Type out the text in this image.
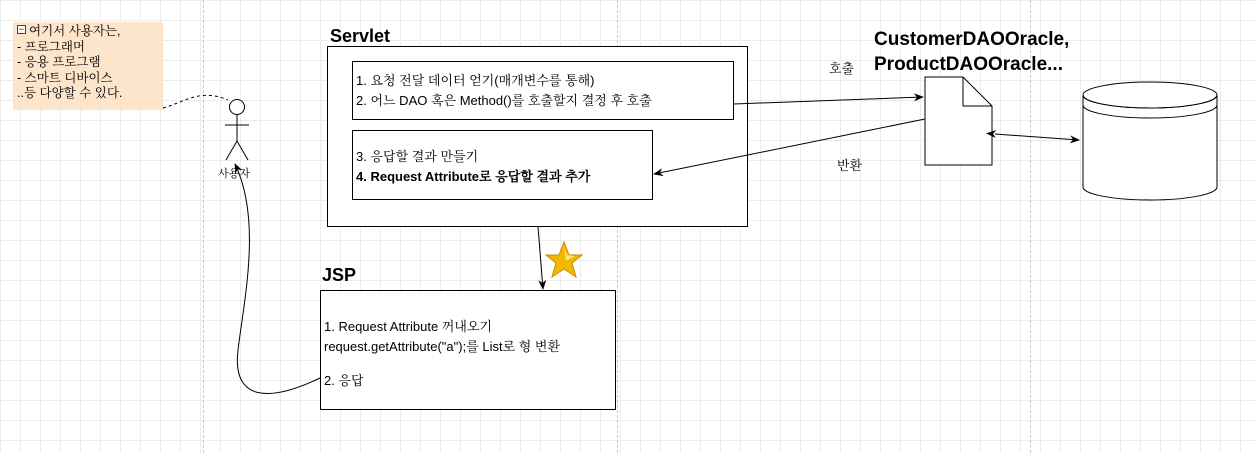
− 여기서 사용자는,
- 프로그래머
- 응용 프로그램
- 스마트 디바이스
..등 다양할 수 있다.
Servlet
1. 요청 전달 데이터 얻기(매개변수를 통해)
2. 어느 DAO 혹은 Method()를 호출할지 결정 후 호출
3. 응답할 결과 만들기
4. Request Attribute로 응답할 결과 추가
CustomerDAOOracle,
ProductDAOOracle...
JSP
1. Request Attribute 꺼내오기
request.getAttribute("a");를 List로 형 변환
2. 응답
호출
반환
사용자
